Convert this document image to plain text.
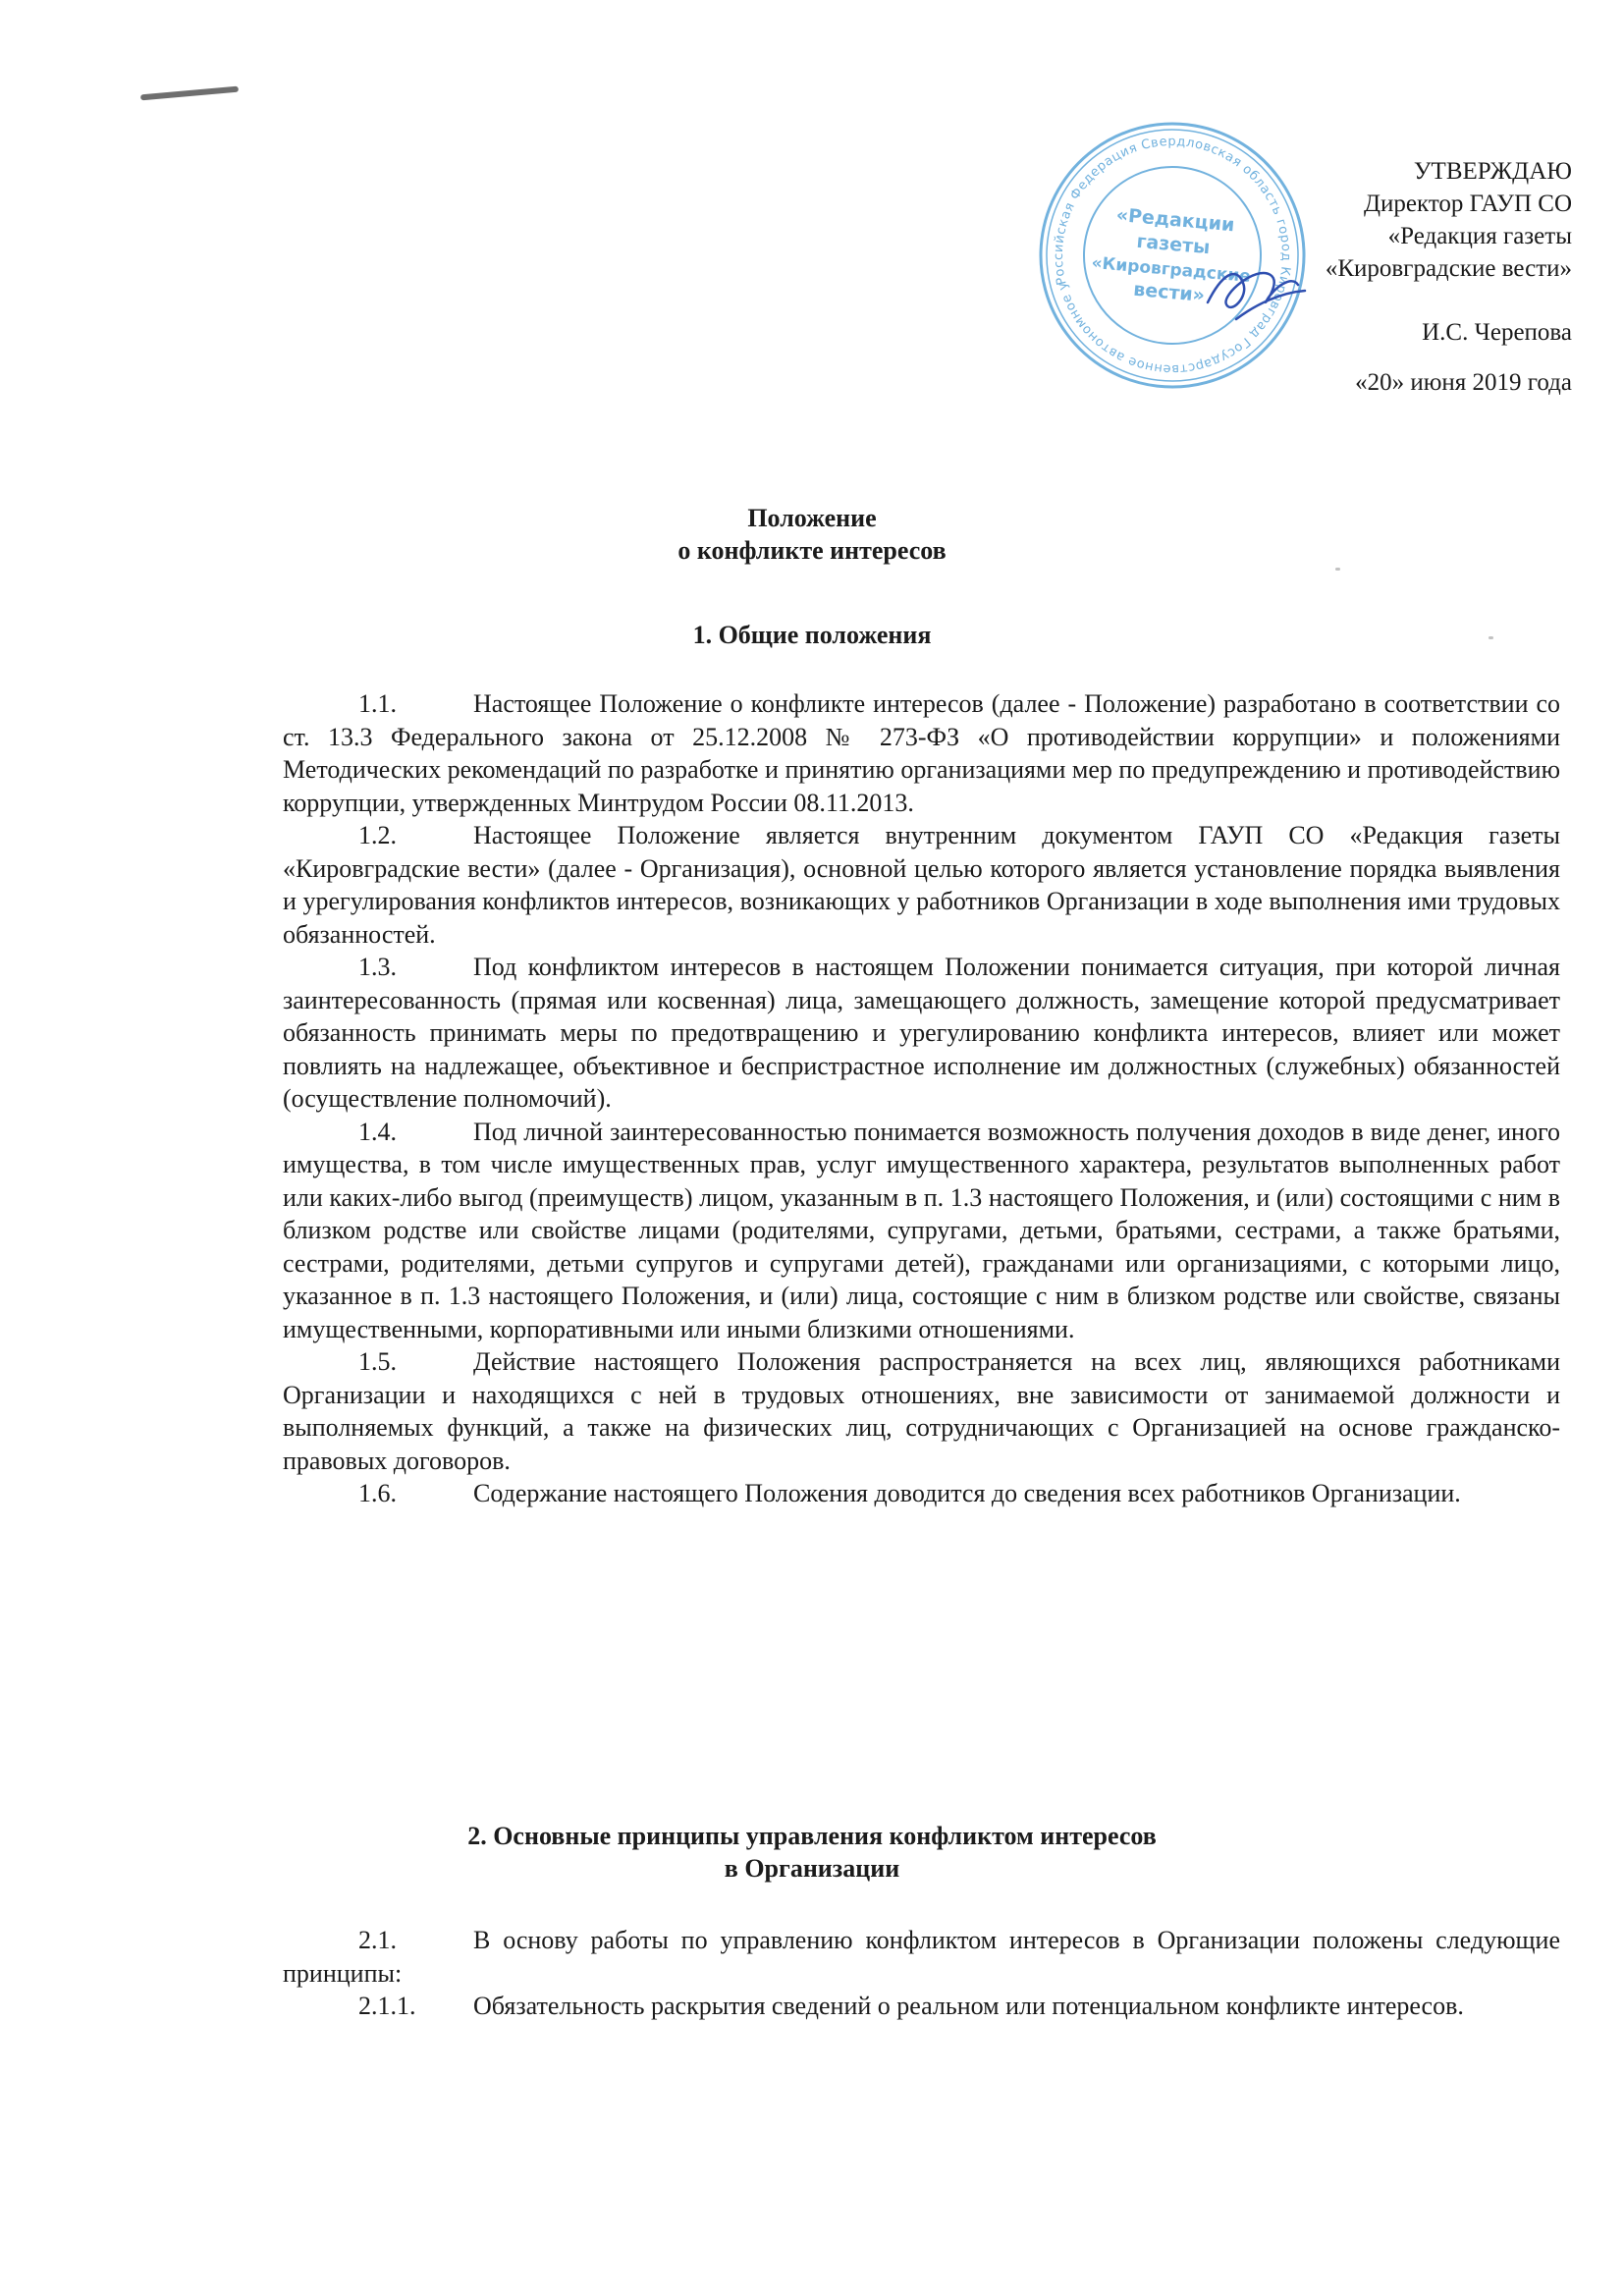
Российская Федерация Свердловская область город Кировград Государственное автономное учреждение
«Редакции
газеты
«Кировградские
вести»
УТВЕРЖДАЮ
Директор ГАУП СО
«Редакция газеты
«Кировградские вести»
И.С. Черепова
«20» июня 2019 года
Положение
о конфликте интересов
1. Общие положения

1.1.	Настоящее Положение о конфликте интересов (далее - Положение) разработано в соответствии со ст. 13.3 Федерального закона от 25.12.2008 № 273-ФЗ «О противодействии коррупции» и положениями Методических рекомендаций по разработке и принятию организациями мер по предупреждению и противодействию коррупции, утвержденных Минтрудом России 08.11.2013.

1.2.	Настоящее Положение является внутренним документом ГАУП СО «Редакция газеты «Кировградские вести» (далее - Организация), основной целью которого является установление порядка выявления и урегулирования конфликтов интересов, возникающих у работников Организации в ходе выполнения ими трудовых обязанностей.

1.3.	Под конфликтом интересов в настоящем Положении понимается ситуация, при которой личная заинтересованность (прямая или косвенная) лица, замещающего должность, замещение которой предусматривает обязанность принимать меры по предотвращению и урегулированию конфликта интересов, влияет или может повлиять на надлежащее, объективное и беспристрастное исполнение им должностных (служебных) обязанностей (осуществление полномочий).

1.4.	Под личной заинтересованностью понимается возможность получения доходов в виде денег, иного имущества, в том числе имущественных прав, услуг имущественного характера, результатов выполненных работ или каких-либо выгод (преимуществ) лицом, указанным в п. 1.3 настоящего Положения, и (или) состоящими с ним в близком родстве или свойстве лицами (родителями, супругами, детьми, братьями, сестрами, а также братьями, сестрами, родителями, детьми супругов и супругами детей), гражданами или организациями, с которыми лицо, указанное в п. 1.3 настоящего Положения, и (или) лица, состоящие с ним в близком родстве или свойстве, связаны имущественными, корпоративными или иными близкими отношениями.

1.5.	Действие настоящего Положения распространяется на всех лиц, являющихся работниками Организации и находящихся с ней в трудовых отношениях, вне зависимости от занимаемой должности и выполняемых функций, а также на физических лиц, сотрудничающих с Организацией на основе гражданско-правовых договоров.

1.6.	Содержание настоящего Положения доводится до сведения всех работников Организации.

2. Основные принципы управления конфликтом интересов
в Организации

2.1.	В основу работы по управлению конфликтом интересов в Организации положены следующие принципы:

2.1.1. Обязательность раскрытия сведений о реальном или потенциальном конфликте интересов.
